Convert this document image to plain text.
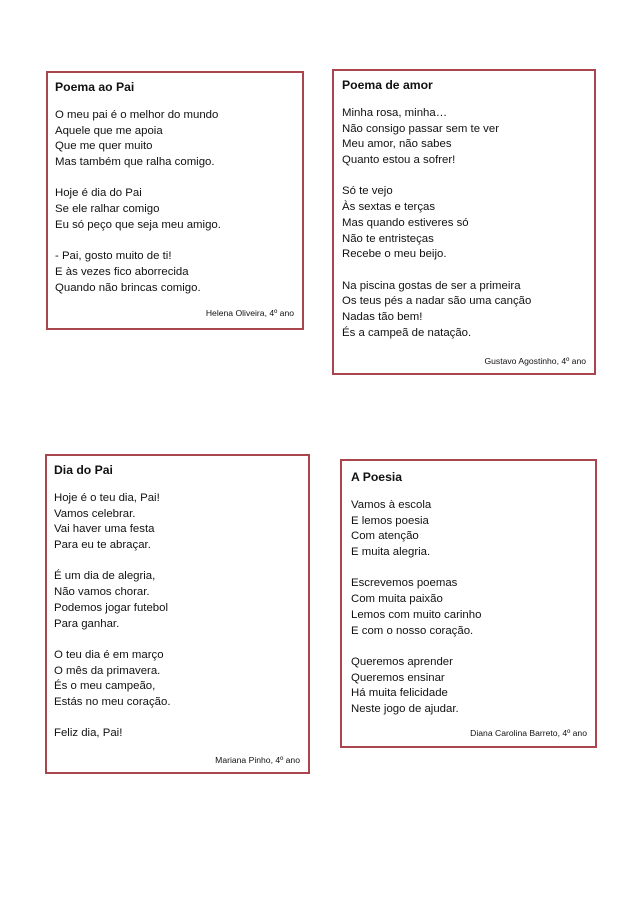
Poema ao Pai
O meu pai é o melhor do mundo
Aquele que me apoia
Que me quer muito
Mas também que ralha comigo.
Hoje é dia do Pai
Se ele ralhar comigo
Eu só peço que seja meu amigo.
- Pai, gosto muito de ti!
E às vezes fico aborrecida
Quando não brincas comigo.
Helena Oliveira, 4º ano
Poema de amor
Minha rosa, minha…
Não consigo passar sem te ver
Meu amor, não sabes
Quanto estou a sofrer!
Só te vejo
Às sextas e terças
Mas quando estiveres só
Não te entristeças
Recebe o meu beijo.
Na piscina gostas de ser a primeira
Os teus pés a nadar são uma canção
Nadas tão bem!
És a campeã de natação.
Gustavo Agostinho, 4º ano
Dia do Pai
Hoje é o teu dia, Pai!
Vamos celebrar.
Vai haver uma festa
Para eu te abraçar.
É um dia de alegria,
Não vamos chorar.
Podemos jogar futebol
Para ganhar.
O teu dia é em março
O mês da primavera.
És o meu campeão,
Estás no meu coração.
Feliz dia, Pai!
Mariana Pinho, 4º ano
A Poesia
Vamos à escola
E lemos poesia
Com atenção
E muita alegria.
Escrevemos poemas
Com muita paixão
Lemos com muito carinho
E com o nosso coração.
Queremos aprender
Queremos ensinar
Há muita felicidade
Neste jogo de ajudar.
Diana Carolina Barreto, 4º ano
